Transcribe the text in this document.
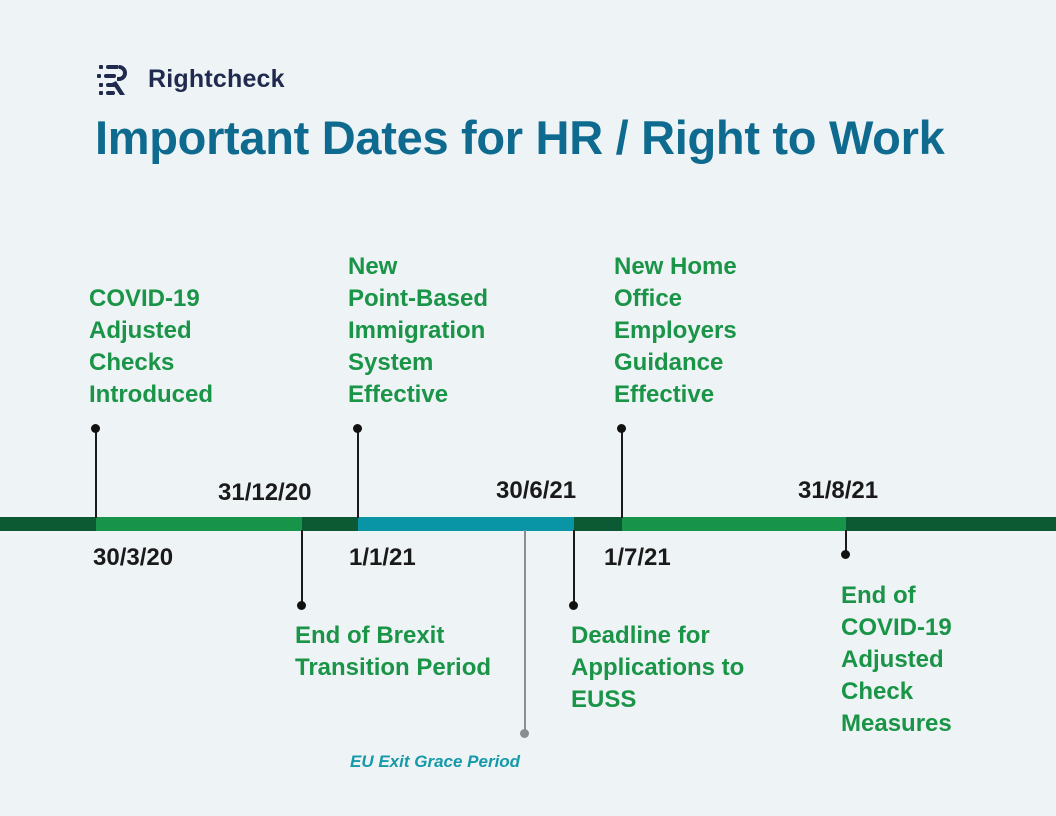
Rightcheck
Important Dates for HR / Right to Work
30/3/20
31/12/20
1/1/21
30/6/21
1/7/21
31/8/21
COVID-19
Adjusted
Checks
Introduced
New
Point-Based
Immigration
System
Effective
New Home
Office
Employers
Guidance
Effective
End of Brexit
Transition Period
Deadline for
Applications to
EUSS
End of
COVID-19
Adjusted
Check
Measures
EU Exit Grace Period
